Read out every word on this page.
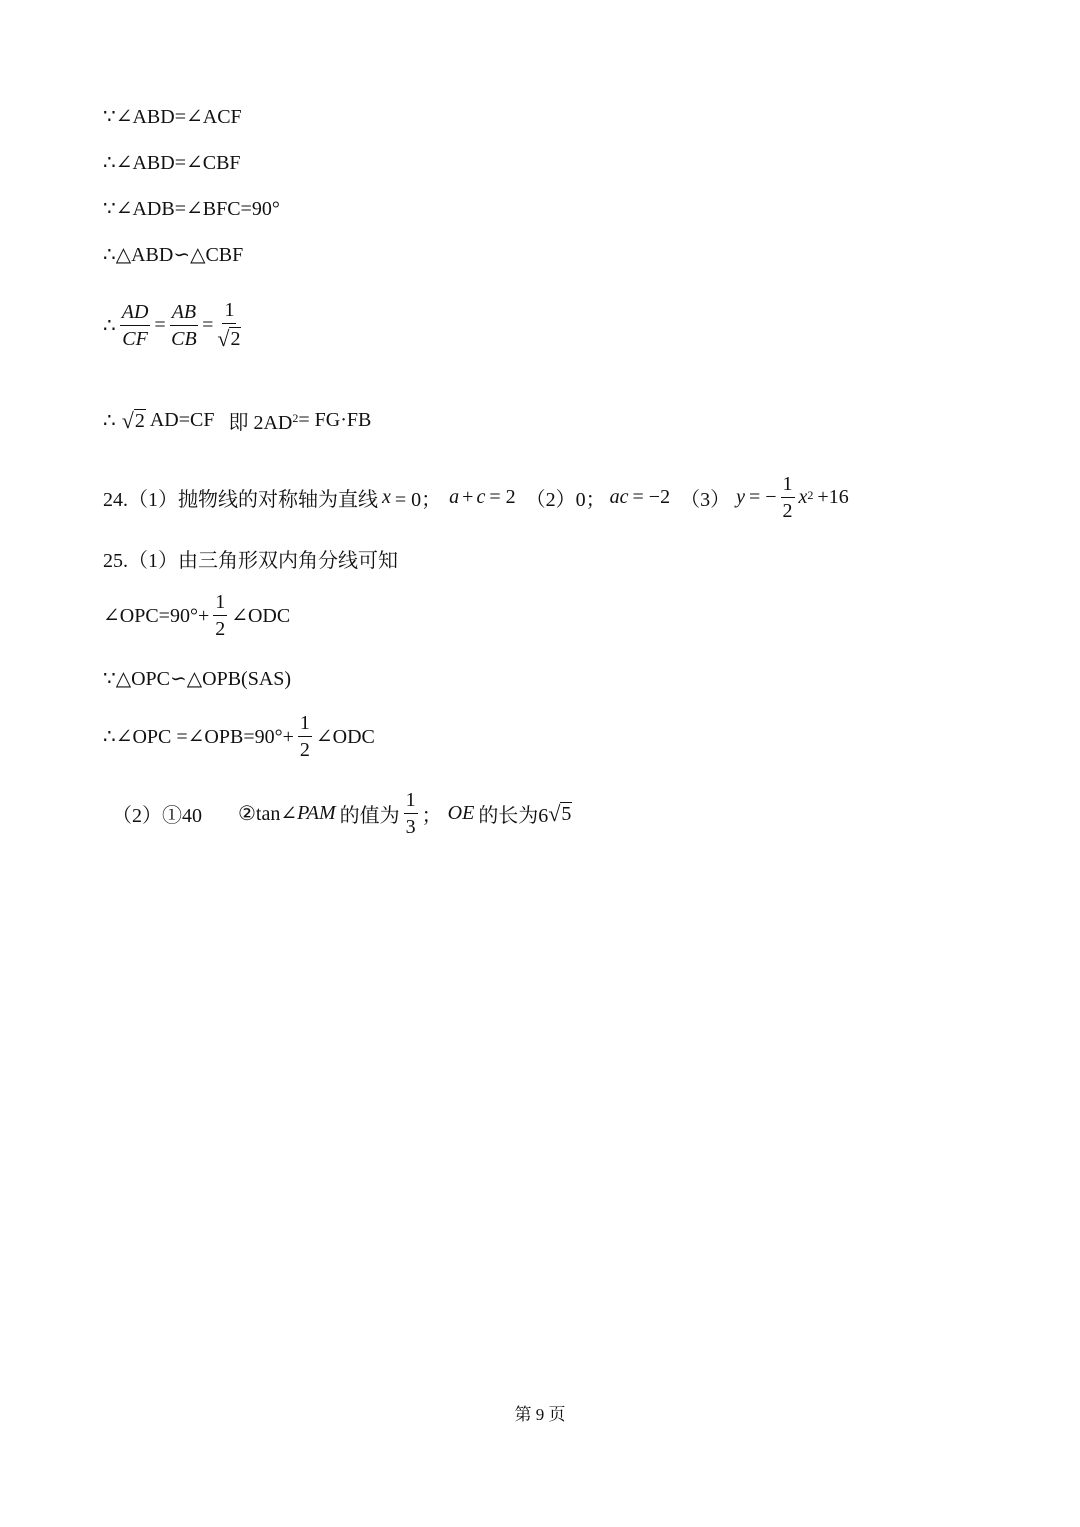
∵∠ABD=∠ACF
∴∠ABD=∠CBF
∵∠ADB=∠BFC=90°
∴△ABD∽△CBF
∴ $\frac{AD}{CF} = \frac{AB}{CB} = \frac{1}{√ 2}$
∴ √ 2 AD=CF 即 $2AD^2 = FG\cdot FB$
24.（1）抛物线的对称轴为直线 x = 0； a + c = 2 （2）0； ac = −2 （3） y = − $\frac{1}{2} x^2 +16$
25.（1）由三角形双内角分线可知
∠OPC=90°+ $\frac{1}{2}$ ∠ODC
∵△OPC∽△OPB(SAS)
∴∠OPC =∠OPB=90°+ $\frac{1}{2}$ ∠ODC
（2）①40 ②tan∠ PAM 的值为 $\frac{1}{3}$ ； OE 的长为6 √ 5
第 9 页
